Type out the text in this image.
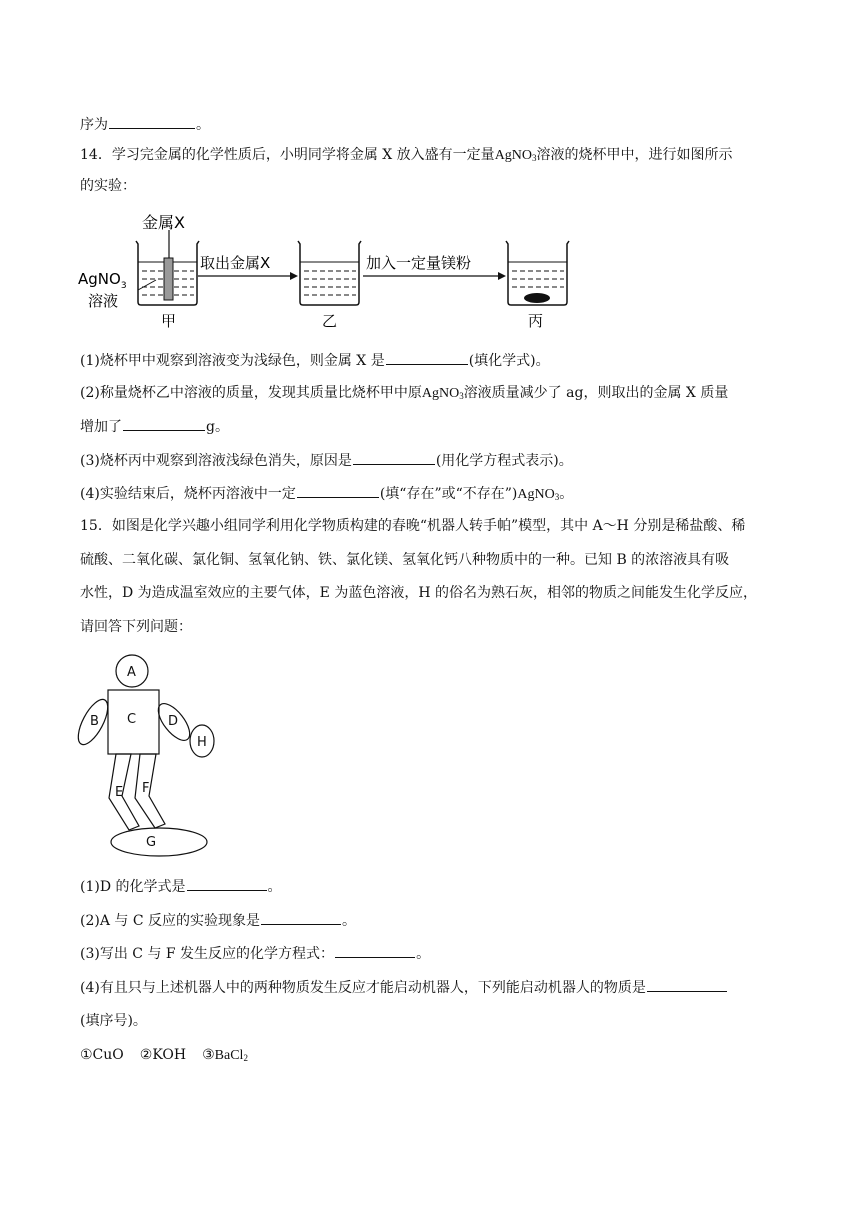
序为	。
14．学习完金属的化学性质后，小明同学将金属 X 放入盛有一定量AgNO$_3$溶液的烧杯甲中，进行如图所示
的实验：
金属X
AgNO$_3$
溶液
甲
取出金属X
乙
加入一定量镁粉
丙
(1)烧杯甲中观察到溶液变为浅绿色，则金属 X 是	(填化学式)。
(2)称量烧杯乙中溶液的质量，发现其质量比烧杯甲中原AgNO$_3$溶液质量减少了 ag，则取出的金属 X 质量
增加了	g。
(3)烧杯丙中观察到溶液浅绿色消失，原因是	(用化学方程式表示)。
(4)实验结束后，烧杯丙溶液中一定	(填“存在”或“不存在”)AgNO$_3$。
15．如图是化学兴趣小组同学利用化学物质构建的春晚“机器人转手帕”模型，其中 A～H 分别是稀盐酸、稀
硫酸、二氧化碳、氯化铜、氢氧化钠、铁、氯化镁、氢氧化钙八种物质中的一种。已知 B 的浓溶液具有吸
水性，D 为造成温室效应的主要气体，E 为蓝色溶液，H 的俗名为熟石灰，相邻的物质之间能发生化学反应，
请回答下列问题：
A
C
B	D
H
E F
G
(1)D 的化学式是	。
(2)A 与 C 反应的实验现象是	。
(3)写出 C 与 F 发生反应的化学方程式：	。
(4)有且只与上述机器人中的两种物质发生反应才能启动机器人，下列能启动机器人的物质是
(填序号)。
①CuO ②KOH ③BaCl$_2$
